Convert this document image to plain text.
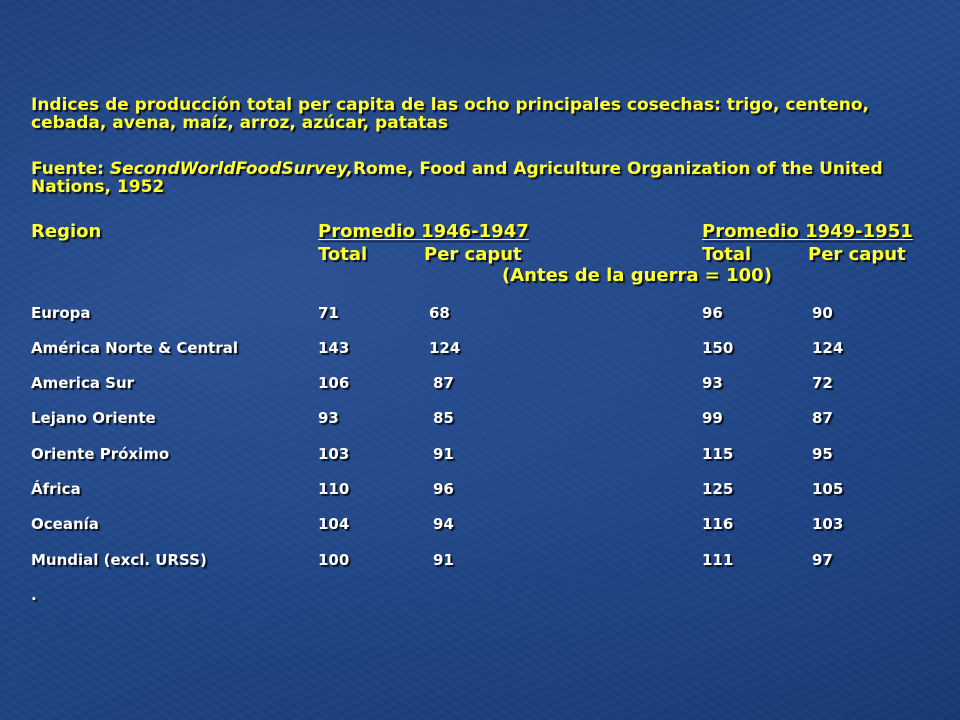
Indices de producción total per capita de las ocho principales cosechas: trigo, centeno, cebada, avena, maíz, arroz, azúcar, patatas
Fuente: SecondWorldFoodSurvey,Rome, Food and Agriculture Organization of the United Nations, 1952
Region	Promedio 1946-1947	Promedio 1949-1951
Total	Per caput	Total	Per caput
(Antes de la guerra = 100)
Europa	71	68	96	90
América Norte & Central	143	124	150	124
America Sur	106	87	93	72
Lejano Oriente	93	85	99	87
Oriente Próximo	103	91	115	95
África	110	96	125	105
Oceanía	104	94	116	103
Mundial (excl. URSS)	100	91	111	97
.
